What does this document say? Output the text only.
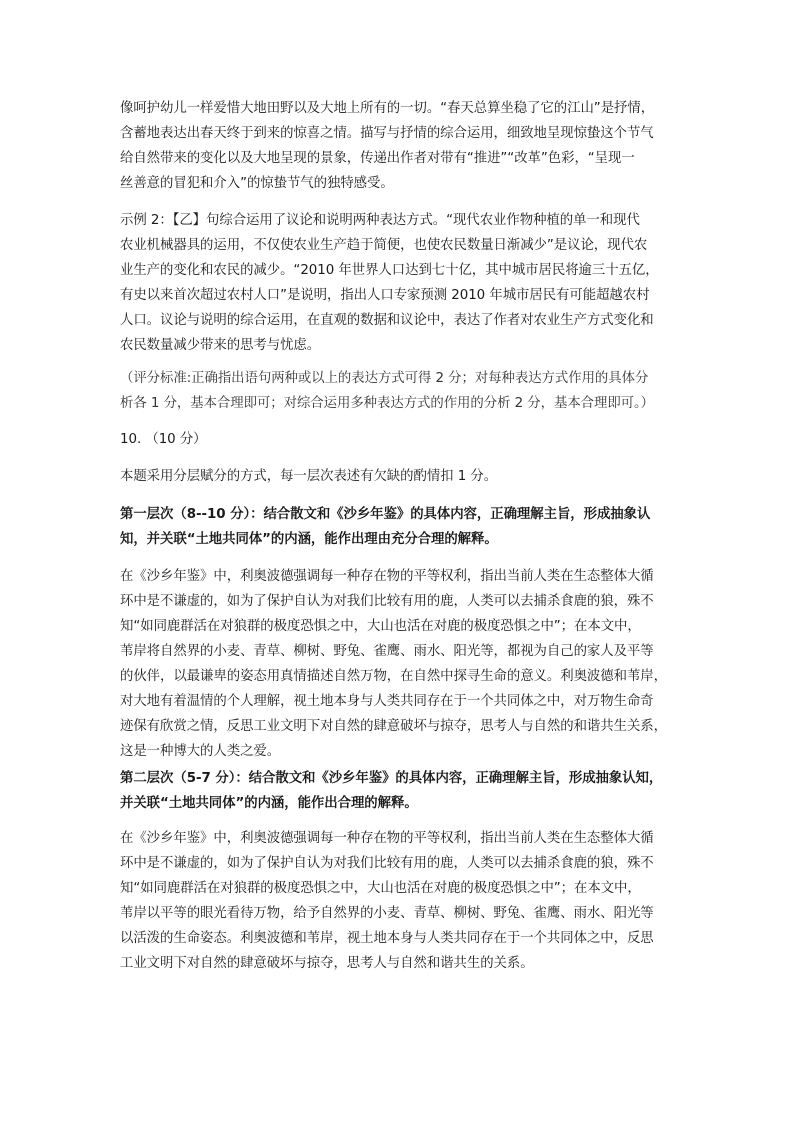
像呵护幼儿一样爱惜大地田野以及大地上所有的一切。“春天总算坐稳了它的江山”是抒情，
含蓄地表达出春天终于到来的惊喜之情。描写与抒情的综合运用，细致地呈现惊蛰这个节气
给自然带来的变化以及大地呈现的景象，传递出作者对带有“推进”“改革”色彩，“呈现一
丝善意的冒犯和介入”的惊蛰节气的独特感受。
示例 2：【乙】句综合运用了议论和说明两种表达方式。“现代农业作物种植的单一和现代
农业机械器具的运用，不仅使农业生产趋于简便，也使农民数量日渐减少”是议论，现代农
业生产的变化和农民的减少。“2010 年世界人口达到七十亿，其中城市居民将逾三十五亿，
有史以来首次超过农村人口”是说明，指出人口专家预测 2010 年城市居民有可能超越农村
人口。议论与说明的综合运用，在直观的数据和议论中，表达了作者对农业生产方式变化和
农民数量减少带来的思考与忧虑。
（评分标准:正确指出语句两种或以上的表达方式可得 2 分；对每种表达方式作用的具体分
析各 1 分，基本合理即可；对综合运用多种表达方式的作用的分析 2 分，基本合理即可。）
10. （10 分）
本题采用分层赋分的方式，每一层次表述有欠缺的酌情扣 1 分。
第一层次（8--10 分）：结合散文和《沙乡年鉴》的具体内容，正确理解主旨，形成抽象认
知，并关联“土地共同体”的内涵，能作出理由充分合理的解释。
在《沙乡年鉴》中，利奥波德强调每一种存在物的平等权利，指出当前人类在生态整体大循
环中是不谦虚的，如为了保护自认为对我们比较有用的鹿，人类可以去捕杀食鹿的狼，殊不
知“如同鹿群活在对狼群的极度恐惧之中，大山也活在对鹿的极度恐惧之中”；在本文中，
苇岸将自然界的小麦、青草、柳树、野兔、雀鹰、雨水、阳光等，都视为自己的家人及平等
的伙伴，以最谦卑的姿态用真情描述自然万物，在自然中探寻生命的意义。利奥波德和苇岸，
对大地有着温情的个人理解，视土地本身与人类共同存在于一个共同体之中，对万物生命奇
迹保有欣赏之情，反思工业文明下对自然的肆意破坏与掠夺，思考人与自然的和谐共生关系，
这是一种博大的人类之爱。
第二层次（5-7 分）：结合散文和《沙乡年鉴》的具体内容，正确理解主旨，形成抽象认知，
并关联“土地共同体”的内涵，能作出合理的解释。
在《沙乡年鉴》中，利奥波德强调每一种存在物的平等权利，指出当前人类在生态整体大循
环中是不谦虚的，如为了保护自认为对我们比较有用的鹿，人类可以去捕杀食鹿的狼，殊不
知“如同鹿群活在对狼群的极度恐惧之中，大山也活在对鹿的极度恐惧之中”；在本文中，
苇岸以平等的眼光看待万物，给予自然界的小麦、青草、柳树、野兔、雀鹰、雨水、阳光等
以活泼的生命姿态。利奥波德和苇岸，视土地本身与人类共同存在于一个共同体之中，反思
工业文明下对自然的肆意破坏与掠夺，思考人与自然和谐共生的关系。
